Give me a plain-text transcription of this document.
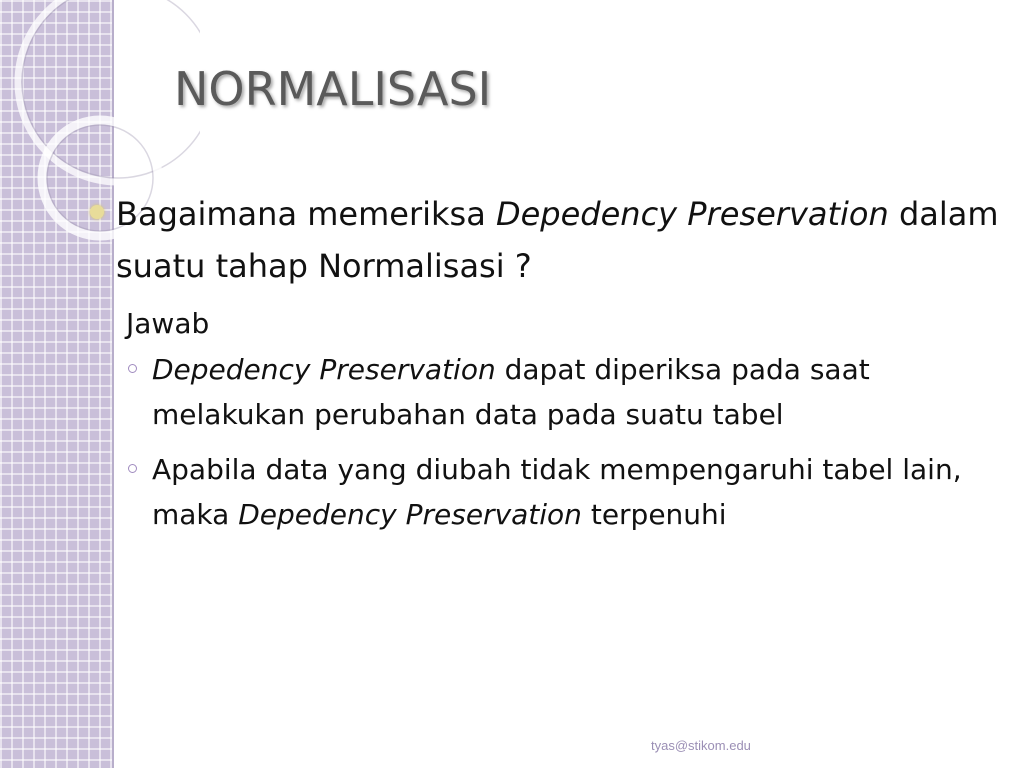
NORMALISASI
Bagaimana memeriksa Depedency Preservation dalam suatu tahap Normalisasi ?
Jawab
Depedency Preservation dapat diperiksa pada saat melakukan perubahan data pada suatu tabel
Apabila data yang diubah tidak mempengaruhi tabel lain, maka Depedency Preservation terpenuhi
tyas@stikom.edu
